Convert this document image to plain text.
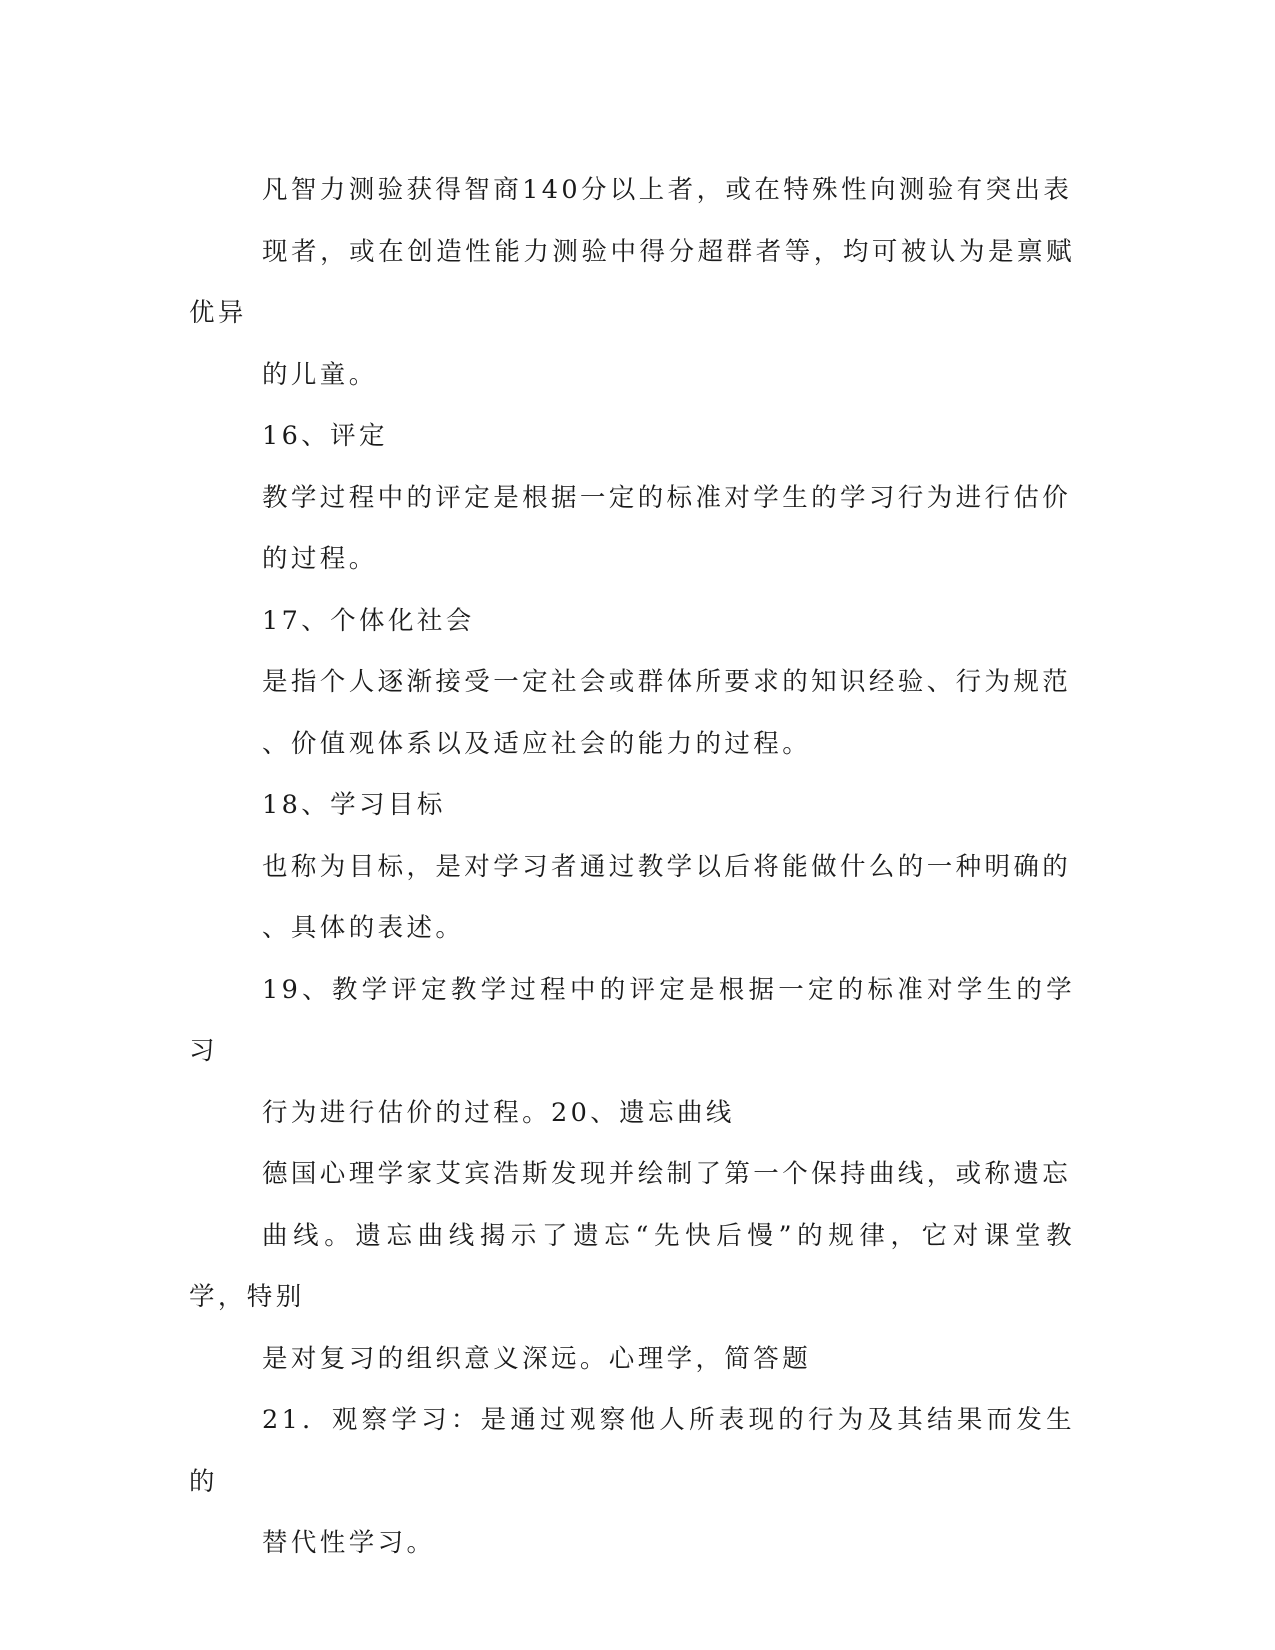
凡智力测验获得智商140分以上者，或在特殊性向测验有突出表
现者，或在创造性能力测验中得分超群者等，均可被认为是禀赋优异
的儿童。

16、评定

教学过程中的评定是根据一定的标准对学生的学习行为进行估价
的过程。

17、个体化社会

是指个人逐渐接受一定社会或群体所要求的知识经验、行为规范
、价值观体系以及适应社会的能力的过程。

18、学习目标

也称为目标，是对学习者通过教学以后将能做什么的一种明确的
、具体的表述。

19、教学评定教学过程中的评定是根据一定的标准对学生的学习
行为进行估价的过程。20、遗忘曲线

德国心理学家艾宾浩斯发现并绘制了第一个保持曲线，或称遗忘
曲线。遗忘曲线揭示了遗忘“先快后慢”的规律，它对课堂教学，特别
是对复习的组织意义深远。心理学，简答题

21．观察学习：是通过观察他人所表现的行为及其结果而发生的
替代性学习。
